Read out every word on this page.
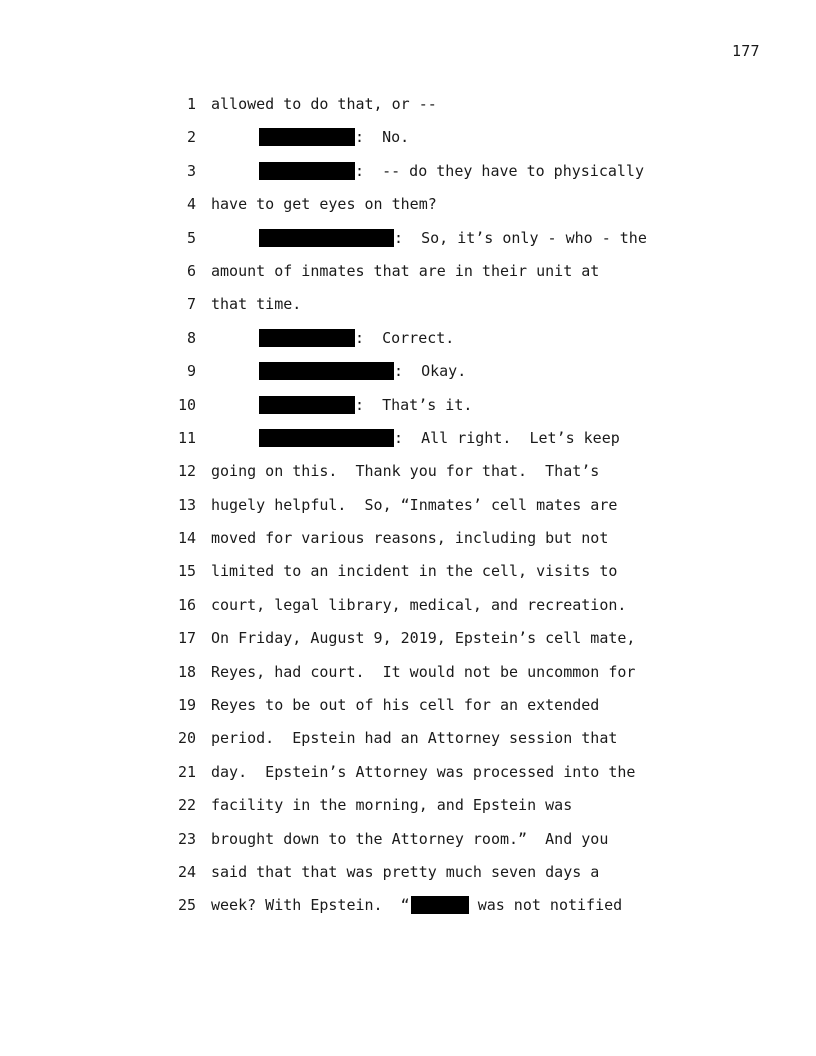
177
1 allowed to do that, or --
2	:  No.
3	:  -- do they have to physically
4 have to get eyes on them?
5	:  So, it’s only - who - the
6 amount of inmates that are in their unit at
7 that time.
8	:  Correct.
9	:  Okay.
10	:  That’s it.
11	:  All right.  Let’s keep
12 going on this.  Thank you for that.  That’s
13 hugely helpful.  So, “Inmates’ cell mates are
14 moved for various reasons, including but not
15 limited to an incident in the cell, visits to
16 court, legal library, medical, and recreation.
17 On Friday, August 9, 2019, Epstein’s cell mate,
18 Reyes, had court.  It would not be uncommon for
19 Reyes to be out of his cell for an extended
20 period.  Epstein had an Attorney session that
21 day.  Epstein’s Attorney was processed into the
22 facility in the morning, and Epstein was
23 brought down to the Attorney room.”  And you
24 said that that was pretty much seven days a
25 week? With Epstein.  “	was not notified
